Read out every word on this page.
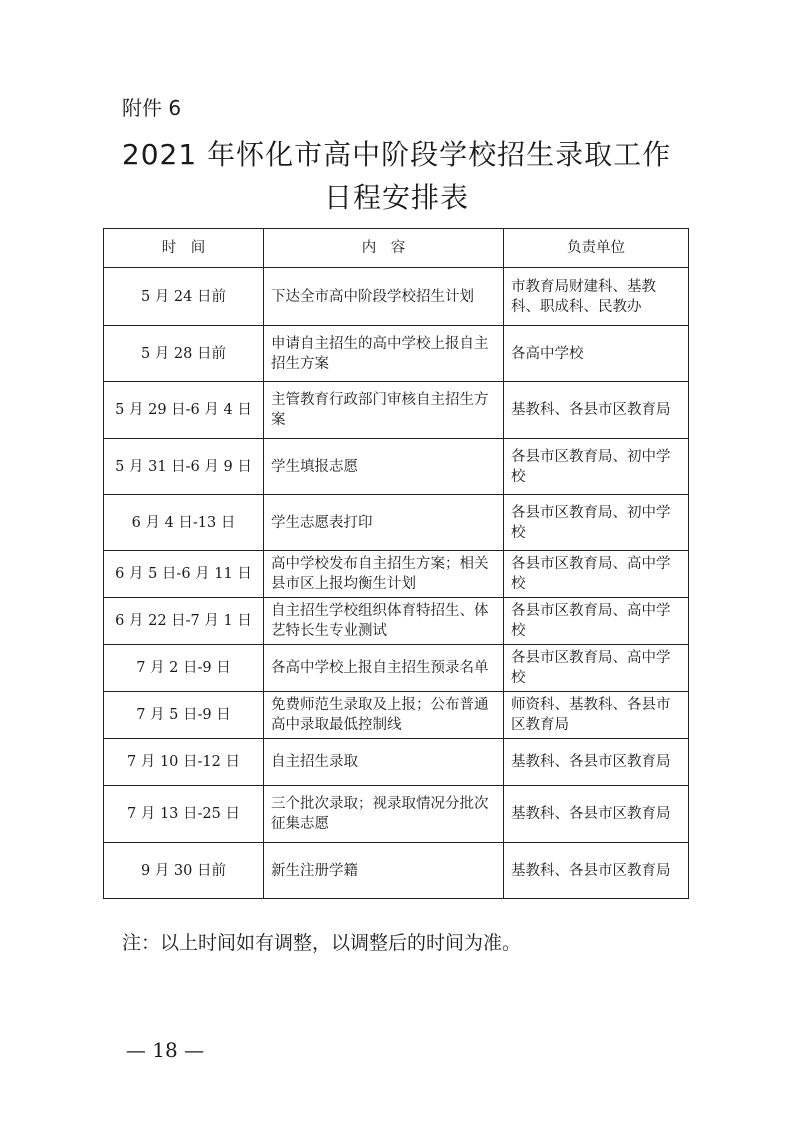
附件 6
2021 年怀化市高中阶段学校招生录取工作
日程安排表
时　间	内　容	负责单位
5 月 24 日前	下达全市高中阶段学校招生计划	市教育局财建科、基教科、职成科、民教办
5 月 28 日前	申请自主招生的高中学校上报自主招生方案	各高中学校
5 月 29 日-6 月 4 日	主管教育行政部门审核自主招生方案	基教科、各县市区教育局
5 月 31 日-6 月 9 日	学生填报志愿	各县市区教育局、初中学校
6 月 4 日-13 日	学生志愿表打印	各县市区教育局、初中学校
6 月 5 日-6 月 11 日	高中学校发布自主招生方案；相关县市区上报均衡生计划	各县市区教育局、高中学校
6 月 22 日-7 月 1 日	自主招生学校组织体育特招生、体艺特长生专业测试	各县市区教育局、高中学校
7 月 2 日-9 日	各高中学校上报自主招生预录名单	各县市区教育局、高中学校
7 月 5 日-9 日	免费师范生录取及上报；公布普通高中录取最低控制线	师资科、基教科、各县市区教育局
7 月 10 日-12 日	自主招生录取	基教科、各县市区教育局
7 月 13 日-25 日	三个批次录取；视录取情况分批次征集志愿	基教科、各县市区教育局
9 月 30 日前	新生注册学籍	基教科、各县市区教育局
注：以上时间如有调整，以调整后的时间为准。
— 18 —
